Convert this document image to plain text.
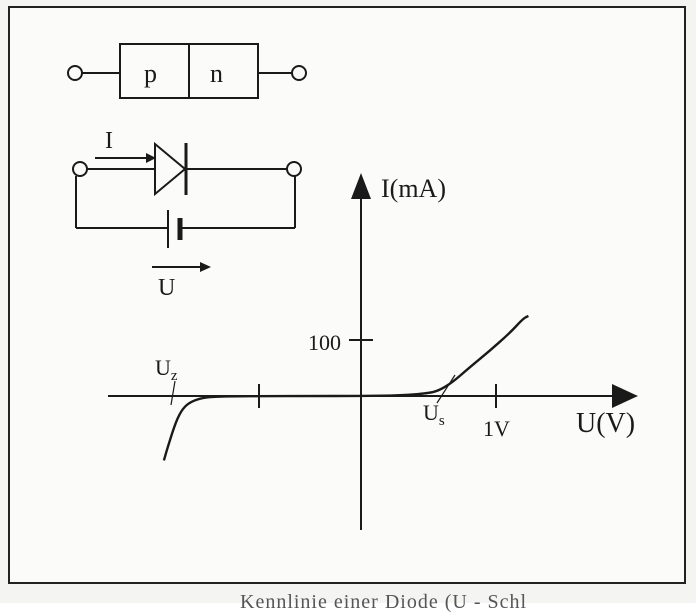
p n
I
U
I(mA)
U(V)
100
1V
$U_z$
$U_s$
Kennlinie einer Diode (U - Schl
